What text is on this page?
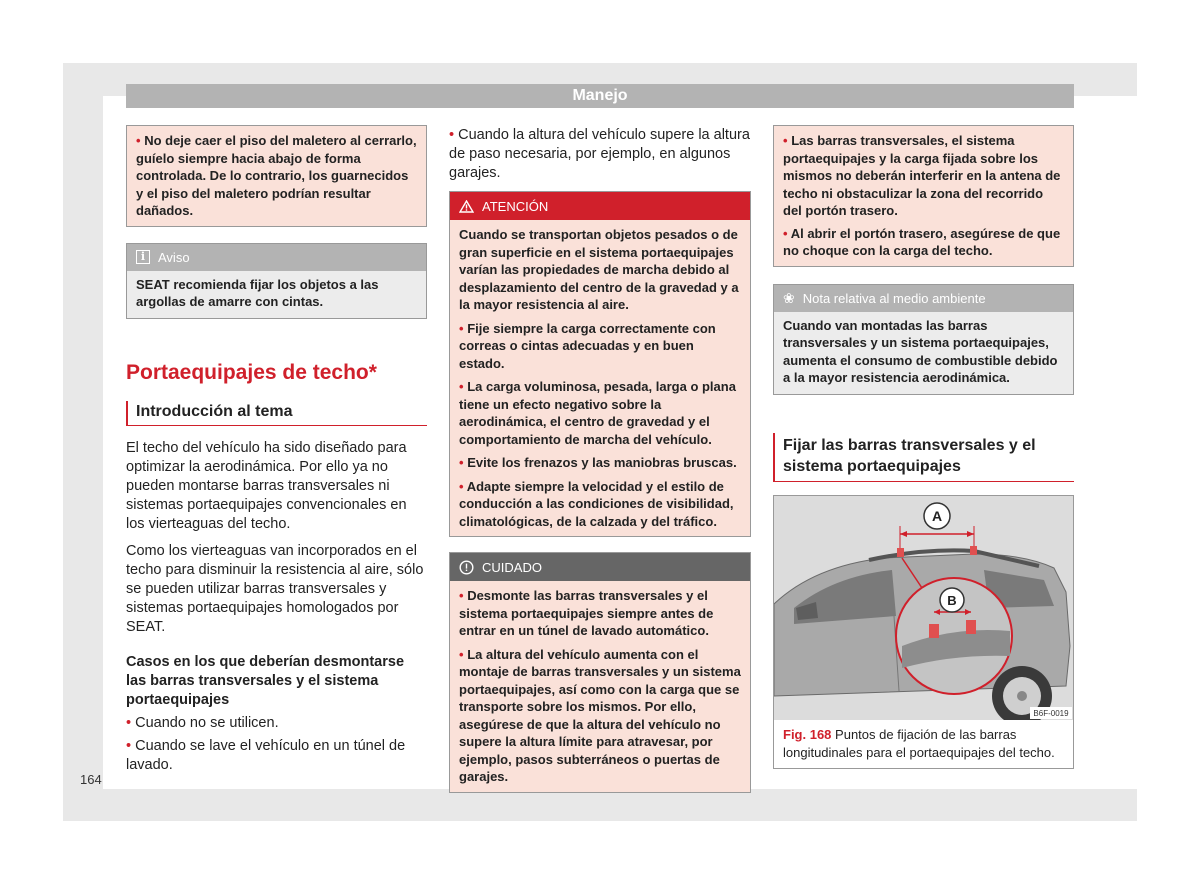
Manejo

• No deje caer el piso del maletero al cerrarlo, guíelo siempre hacia abajo de forma controlada. De lo contrario, los guarnecidos y el piso del maletero podrían resultar dañados.

i Aviso
SEAT recomienda fijar los objetos a las argollas de amarre con cintas.
Portaequipajes de techo*
Introducción al tema

El techo del vehículo ha sido diseñado para optimizar la aerodinámica. Por ello ya no pueden montarse barras transversales ni sistemas portaequipajes convencionales en los vierteaguas del techo.

Como los vierteaguas van incorporados en el techo para disminuir la resistencia al aire, sólo se pueden utilizar barras transversales y sistemas portaequipajes homologados por SEAT.

Casos en los que deberían desmontarse las barras transversales y el sistema portaequipajes

• Cuando no se utilicen.

• Cuando se lave el vehículo en un túnel de lavado.

• Cuando la altura del vehículo supere la altura de paso necesaria, por ejemplo, en algunos garajes.

ATENCIÓN

Cuando se transportan objetos pesados o de gran superficie en el sistema portaequipajes varían las propiedades de marcha debido al desplazamiento del centro de la gravedad y a la mayor resistencia al aire.

• Fije siempre la carga correctamente con correas o cintas adecuadas y en buen estado.

• La carga voluminosa, pesada, larga o plana tiene un efecto negativo sobre la aerodinámica, el centro de gravedad y el comportamiento de marcha del vehículo.

• Evite los frenazos y las maniobras bruscas.

• Adapte siempre la velocidad y el estilo de conducción a las condiciones de visibilidad, climatológicas, de la calzada y del tráfico.

CUIDADO

• Desmonte las barras transversales y el sistema portaequipajes siempre antes de entrar en un túnel de lavado automático.

• La altura del vehículo aumenta con el montaje de barras transversales y un sistema portaequipajes, así como con la carga que se transporte sobre los mismos. Por ello, asegúrese de que la altura del vehículo no supere la altura límite para atravesar, por ejemplo, pasos subterráneos o puertas de garajes.

• Las barras transversales, el sistema portaequipajes y la carga fijada sobre los mismos no deberán interferir en la antena de techo ni obstaculizar la zona del recorrido del portón trasero.

• Al abrir el portón trasero, asegúrese de que no choque con la carga del techo.

❀ Nota relativa al medio ambiente
Cuando van montadas las barras transversales y un sistema portaequipajes, aumenta el consumo de combustible debido a la mayor resistencia aerodinámica.
Fijar las barras transversales y el sistema portaequipajes
A
B
B6F-0019
Fig. 168 Puntos de fijación de las barras longitudinales para el portaequipajes del techo.
164
